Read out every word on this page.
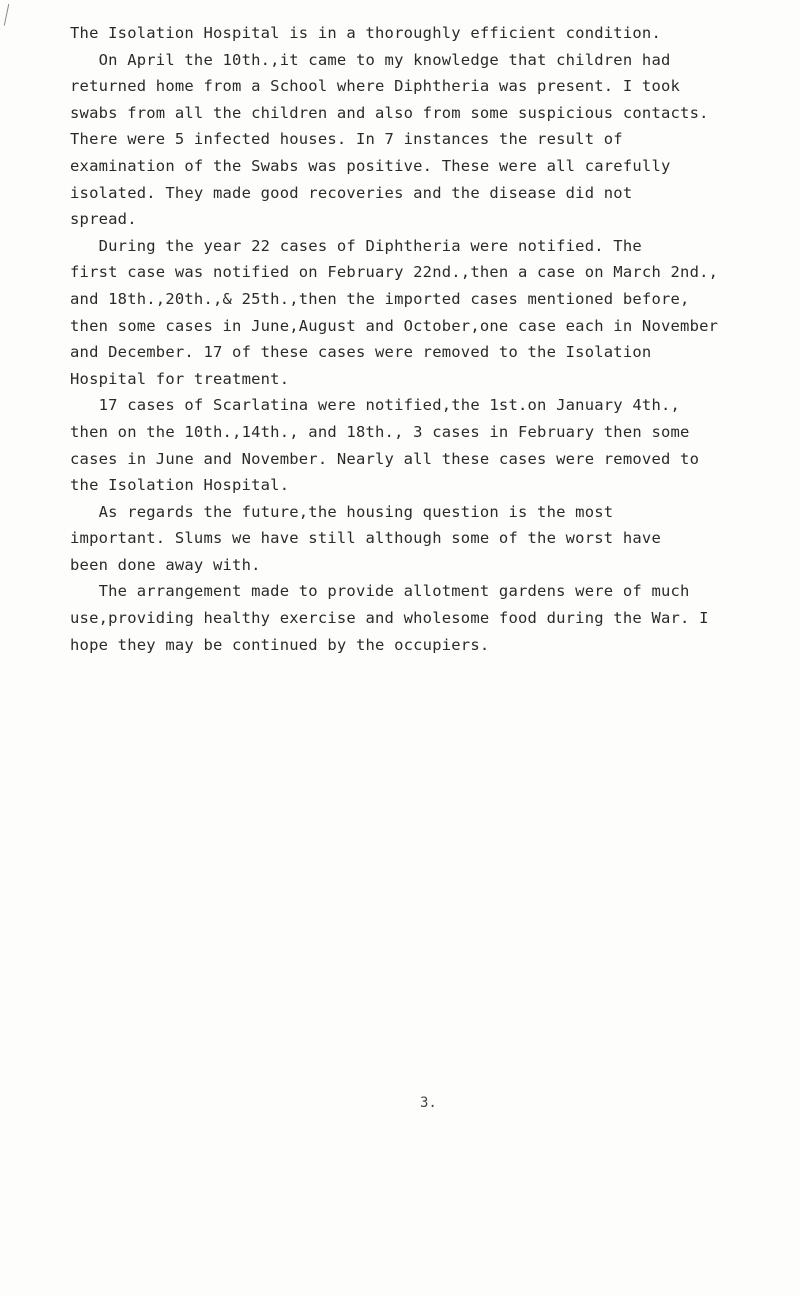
The Isolation Hospital is in a thoroughly efficient condition.
On April the 10th.,it came to my knowledge that children had
returned home from a School where Diphtheria was present. I took
swabs from all the children and also from some suspicious contacts.
There were 5 infected houses. In 7 instances the result of
examination of the Swabs was positive. These were all carefully
isolated. They made good recoveries and the disease did not
spread.
During the year 22 cases of Diphtheria were notified. The
first case was notified on February 22nd.,then a case on March 2nd.,
and 18th.,20th.,& 25th.,then the imported cases mentioned before,
then some cases in June,August and October,one case each in November
and December. 17 of these cases were removed to the Isolation
Hospital for treatment.
17 cases of Scarlatina were notified,the 1st.on January 4th.,
then on the 10th.,14th., and 18th., 3 cases in February then some
cases in June and November. Nearly all these cases were removed to
the Isolation Hospital.
As regards the future,the housing question is the most
important. Slums we have still although some of the worst have
been done away with.
The arrangement made to provide allotment gardens were of much
use,providing healthy exercise and wholesome food during the War. I
hope they may be continued by the occupiers.
3.
